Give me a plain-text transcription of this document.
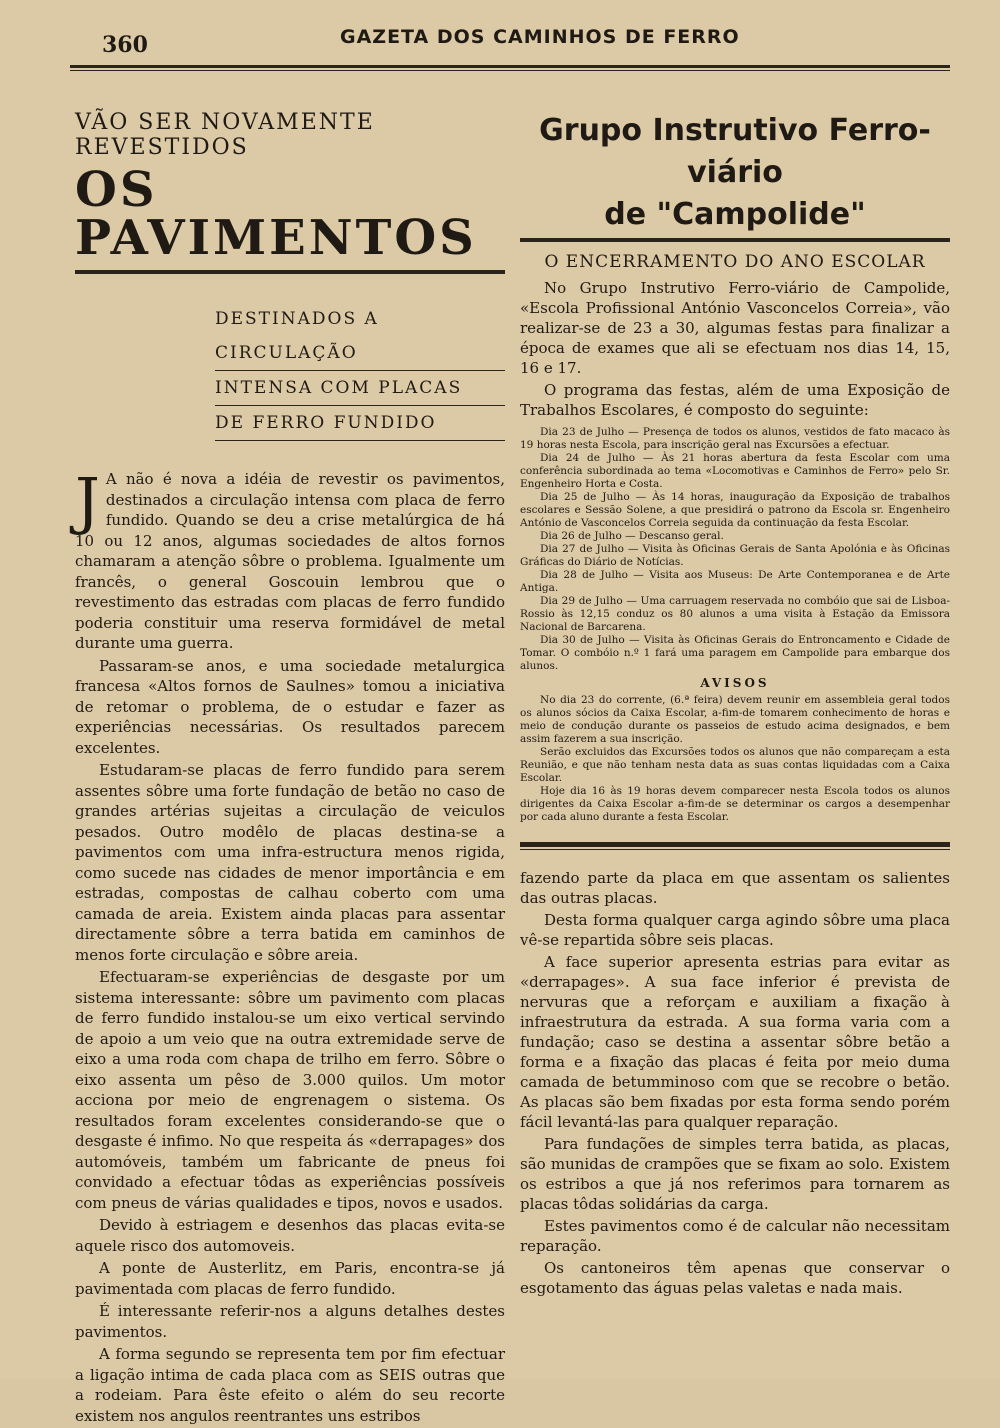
360	GAZETA DOS CAMINHOS DE FERRO
VÃO SER NOVAMENTE REVESTIDOS
OS PAVIMENTOS
DESTINADOS A CIRCULAÇÃO
INTENSA COM PLACAS
DE FERRO FUNDIDO

J A não é nova a idéia de revestir os pavimentos, destinados a circulação intensa com placa de ferro fundido. Quando se deu a crise metalúrgica de há 10 ou 12 anos, algumas sociedades de altos fornos chamaram a atenção sôbre o problema. Igualmente um francês, o general Goscouin lembrou que o revestimento das estradas com placas de ferro fundido poderia constituir uma reserva formidável de metal durante uma guerra.

Passaram-se anos, e uma sociedade metalurgica francesa «Altos fornos de Saulnes» tomou a iniciativa de retomar o problema, de o estudar e fazer as experiências necessárias. Os resultados parecem excelentes.

Estudaram-se placas de ferro fundido para serem assentes sôbre uma forte fundação de betão no caso de grandes artérias sujeitas a circulação de veiculos pesados. Outro modêlo de placas destina-se a pavimentos com uma infra-estructura menos rigida, como sucede nas cidades de menor importância e em estradas, compostas de calhau coberto com uma camada de areia. Existem ainda placas para assentar directamente sôbre a terra batida em caminhos de menos forte circulação e sôbre areia.

Efectuaram-se experiências de desgaste por um sistema interessante: sôbre um pavimento com placas de ferro fundido instalou-se um eixo vertical servindo de apoio a um veio que na outra extremidade serve de eixo a uma roda com chapa de trilho em ferro. Sôbre o eixo assenta um pêso de 3.000 quilos. Um motor acciona por meio de engrenagem o sistema. Os resultados foram excelentes considerando-se que o desgaste é infimo. No que respeita ás «derrapages» dos automóveis, também um fabricante de pneus foi convidado a efectuar tôdas as experiências possíveis com pneus de várias qualidades e tipos, novos e usados.

Devido à estriagem e desenhos das placas evita-se aquele risco dos automoveis.

A ponte de Austerlitz, em Paris, encontra-se já pavimentada com placas de ferro fundido.

É interessante referir-nos a alguns detalhes destes pavimentos.

A forma segundo se representa tem por fim efectuar a ligação intima de cada placa com as SEIS outras que a rodeiam. Para êste efeito o além do seu recorte existem nos angulos reentrantes uns estribos

Grupo Instrutivo Ferro-viário
de "Campolide"
O ENCERRAMENTO DO ANO ESCOLAR

No Grupo Instrutivo Ferro-viário de Campolide, «Escola Profissional António Vasconcelos Correia», vão realizar-se de 23 a 30, algumas festas para finalizar a época de exames que ali se efectuam nos dias 14, 15, 16 e 17.

O programa das festas, além de uma Exposição de Trabalhos Escolares, é composto do seguinte:

Dia 23 de Julho — Presença de todos os alunos, vestidos de fato macaco às 19 horas nesta Escola, para inscrição geral nas Excursões a efectuar.

Dia 24 de Julho — Às 21 horas abertura da festa Escolar com uma conferência subordinada ao tema «Locomotivas e Caminhos de Ferro» pelo Sr. Engenheiro Horta e Costa.

Dia 25 de Julho — Às 14 horas, inauguração da Exposição de trabalhos escolares e Sessão Solene, a que presidirá o patrono da Escola sr. Engenheiro António de Vasconcelos Correia seguida da continuação da festa Escolar.

Dia 26 de Julho — Descanso geral.

Dia 27 de Julho — Visita às Oficinas Gerais de Santa Apolónia e às Oficinas Gráficas do Diário de Notícias.

Dia 28 de Julho — Visita aos Museus: De Arte Contemporanea e de Arte Antiga.

Dia 29 de Julho — Uma carruagem reservada no combóio que sai de Lisboa-Rossio às 12,15 conduz os 80 alunos a uma visita à Estação da Emissora Nacional de Barcarena.

Dia 30 de Julho — Visita às Oficinas Gerais do Entroncamento e Cidade de Tomar. O combóio n.º 1 fará uma paragem em Campolide para embarque dos alunos.

AVISOS

No dia 23 do corrente, (6.ª feira) devem reunir em assembleia geral todos os alunos sócios da Caixa Escolar, a-fim-de tomarem conhecimento de horas e meio de condução durante os passeios de estudo acima designados, e bem assim fazerem a sua inscrição.

Serão excluidos das Excursões todos os alunos que não compareçam a esta Reunião, e que não tenham nesta data as suas contas liquidadas com a Caixa Escolar.

Hoje dia 16 às 19 horas devem comparecer nesta Escola todos os alunos dirigentes da Caixa Escolar a-fim-de se determinar os cargos a desempenhar por cada aluno durante a festa Escolar.

fazendo parte da placa em que assentam os salientes das outras placas.

Desta forma qualquer carga agindo sôbre uma placa vê-se repartida sôbre seis placas.

A face superior apresenta estrias para evitar as «derrapages». A sua face inferior é prevista de nervuras que a reforçam e auxiliam a fixação à infraestrutura da estrada. A sua forma varia com a fundação; caso se destina a assentar sôbre betão a forma e a fixação das placas é feita por meio duma camada de betumminoso com que se recobre o betão. As placas são bem fixadas por esta forma sendo porém fácil levantá-las para qualquer reparação.

Para fundações de simples terra batida, as placas, são munidas de crampões que se fixam ao solo. Existem os estribos a que já nos referimos para tornarem as placas tôdas solidárias da carga.

Estes pavimentos como é de calcular não necessitam reparação.

Os cantoneiros têm apenas que conservar o esgotamento das águas pelas valetas e nada mais.
